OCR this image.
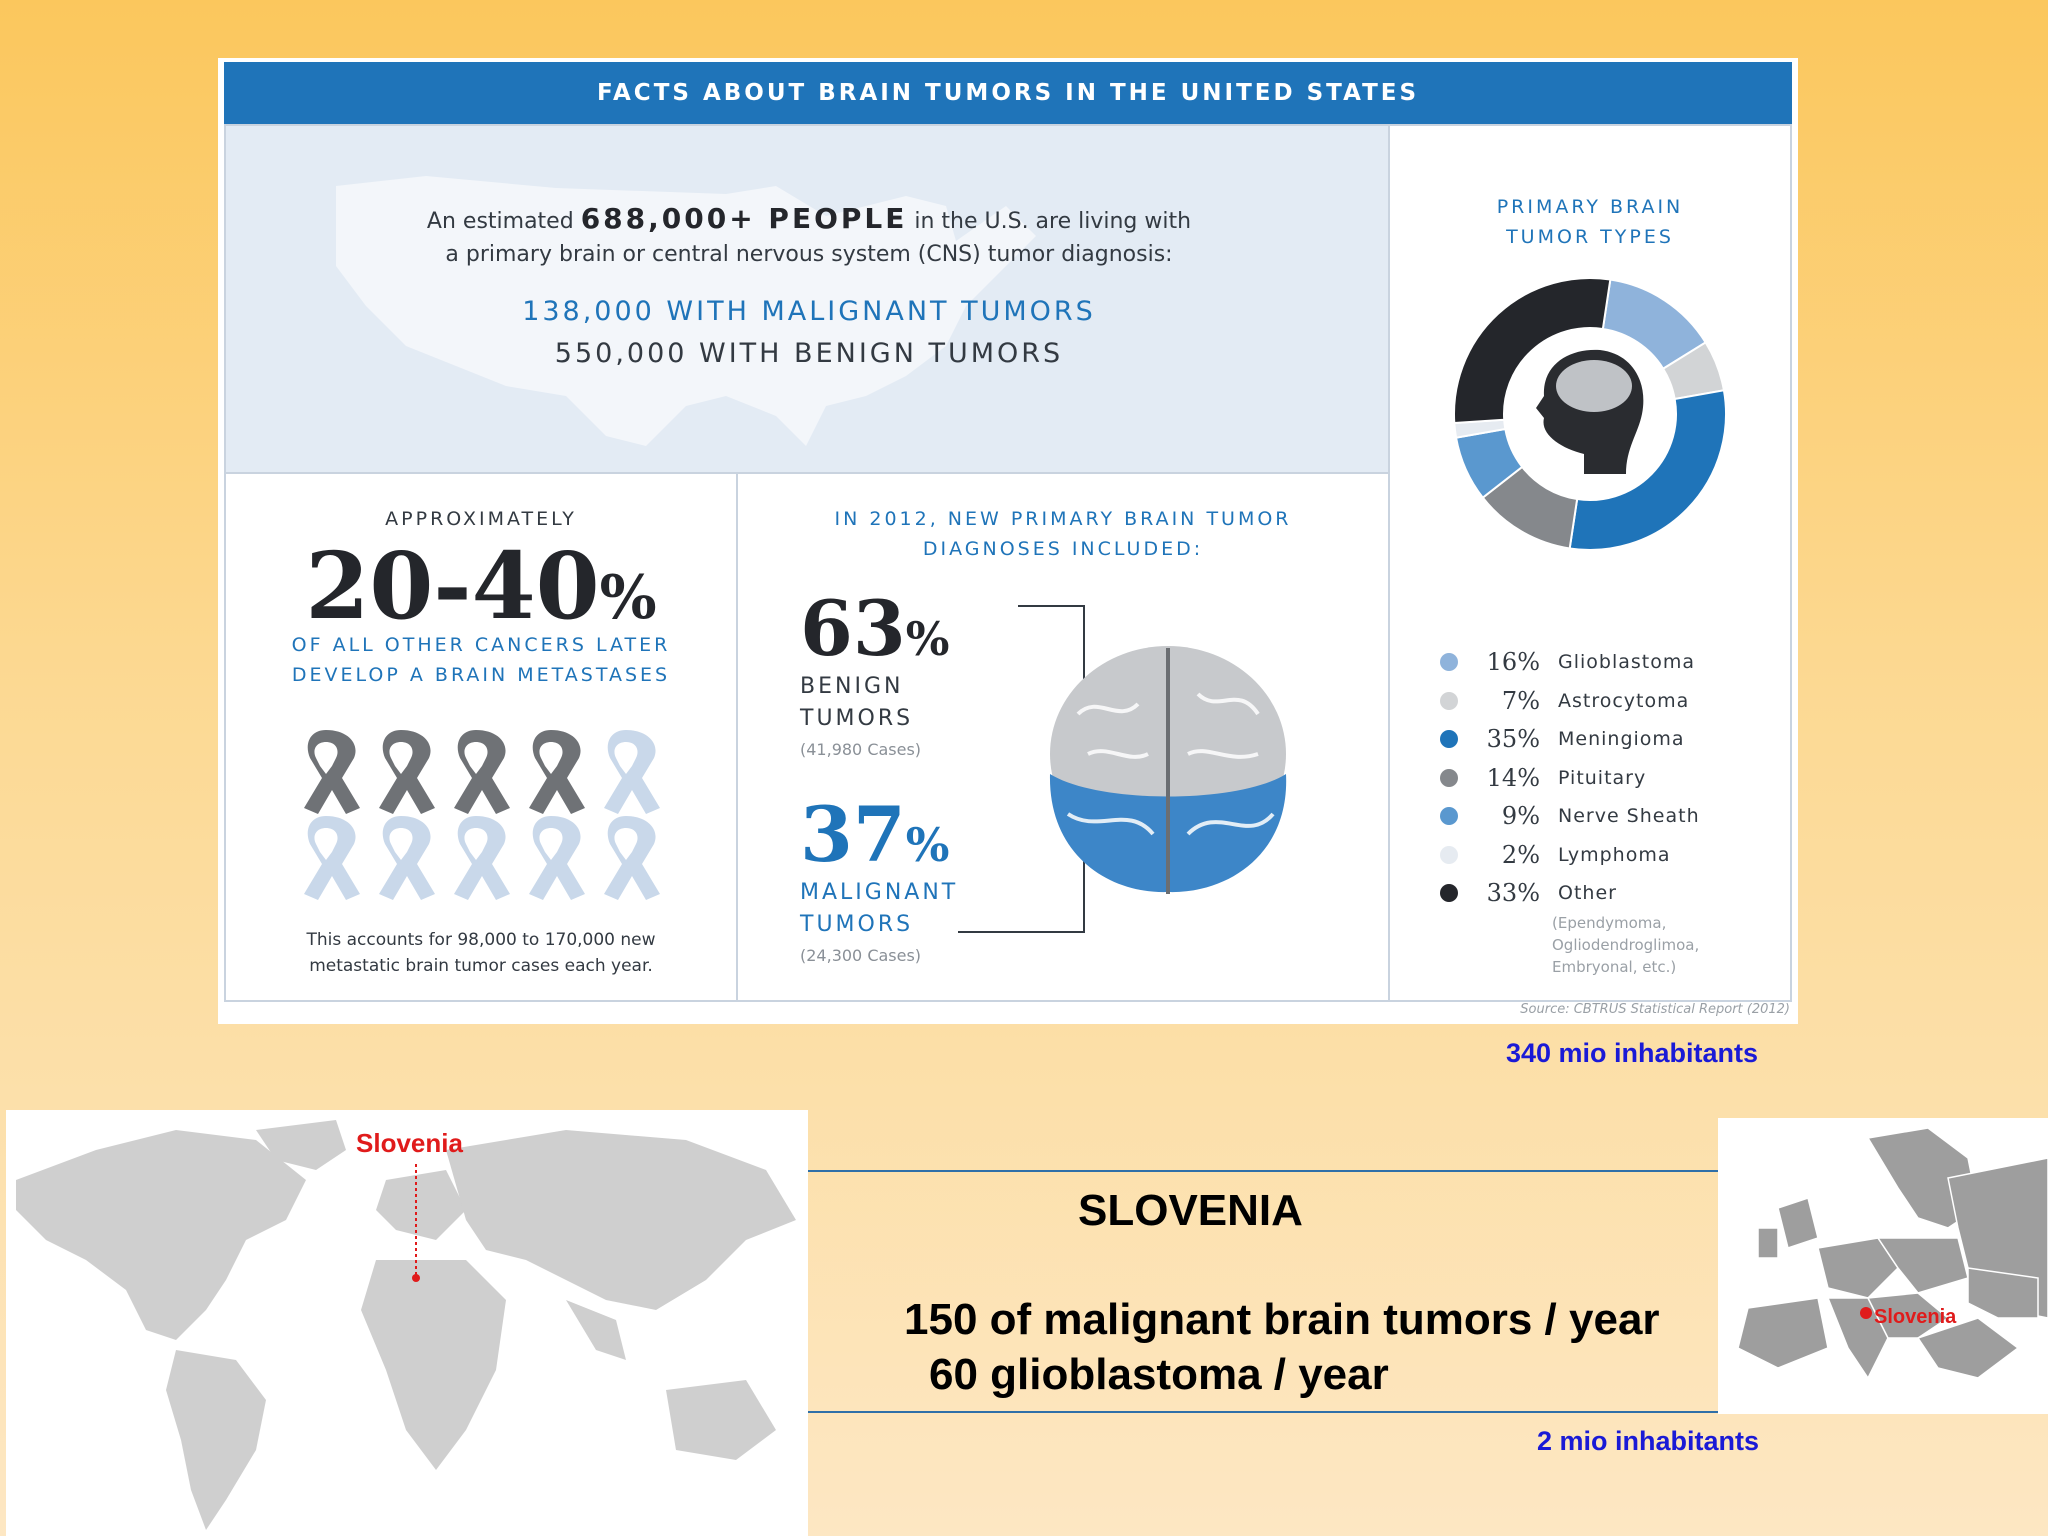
FACTS ABOUT BRAIN TUMORS IN THE UNITED STATES
An estimated 688,000+ PEOPLE in the U.S. are living with
a primary brain or central nervous system (CNS) tumor diagnosis:
138,000 WITH MALIGNANT TUMORS
550,000 WITH BENIGN TUMORS
APPROXIMATELY
20-40%
OF ALL OTHER CANCERS LATER
DEVELOP A BRAIN METASTASES
This accounts for 98,000 to 170,000 new
metastatic brain tumor cases each year.
IN 2012, NEW PRIMARY BRAIN TUMOR
DIAGNOSES INCLUDED:
63%
BENIGN
TUMORS
(41,980 Cases)
37%
MALIGNANT
TUMORS
(24,300 Cases)
PRIMARY BRAIN
TUMOR TYPES
16% Glioblastoma
7% Astrocytoma
35% Meningioma
14% Pituitary
9% Nerve Sheath
2% Lymphoma
33% Other
(Ependymoma,
Ogliodendroglimoa,
Embryonal, etc.)
Source: CBTRUS Statistical Report (2012)
340 mio inhabitants
Slovenia
SLOVENIA
150 of malignant brain tumors / year
60 glioblastoma / year
Slovenia
2 mio inhabitants
